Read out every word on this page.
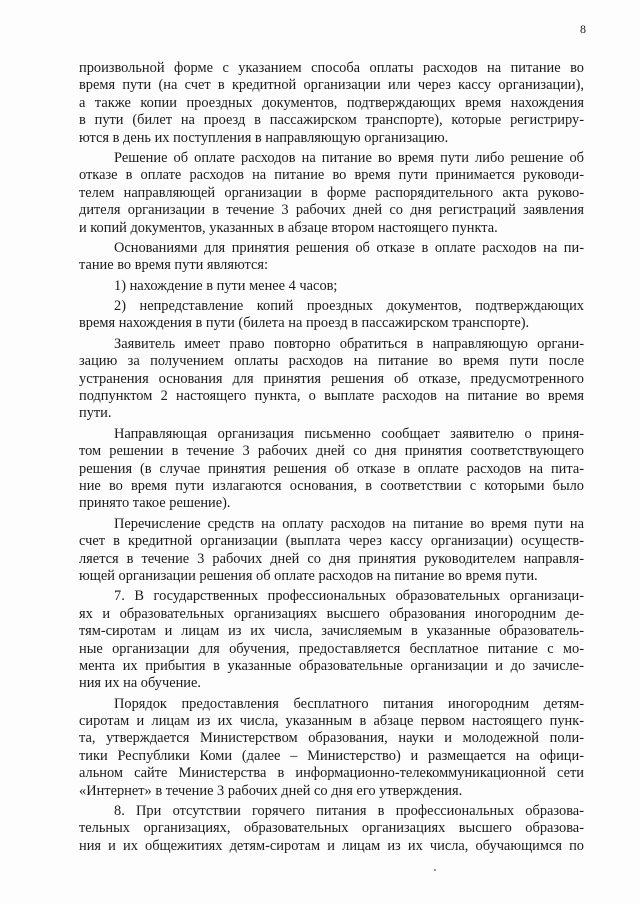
8
произвольной форме с указанием способа оплаты расходов на питание во
время пути (на счет в кредитной организации или через кассу организации),
а также копии проездных документов, подтверждающих время нахождения
в пути (билет на проезд в пассажирском транспорте), которые регистриру-
ются в день их поступления в направляющую организацию.
Решение об оплате расходов на питание во время пути либо решение об
отказе в оплате расходов на питание во время пути принимается руководи-
телем направляющей организации в форме распорядительного акта руково-
дителя организации в течение 3 рабочих дней со дня регистраций заявления
и копий документов, указанных в абзаце втором настоящего пункта.
Основаниями для принятия решения об отказе в оплате расходов на пи-
тание во время пути являются:
1) нахождение в пути менее 4 часов;
2) непредставление копий проездных документов, подтверждающих
время нахождения в пути (билета на проезд в пассажирском транспорте).
Заявитель имеет право повторно обратиться в направляющую органи-
зацию за получением оплаты расходов на питание во время пути после
устранения основания для принятия решения об отказе, предусмотренного
подпунктом 2 настоящего пункта, о выплате расходов на питание во время
пути.
Направляющая организация письменно сообщает заявителю о приня-
том решении в течение 3 рабочих дней со дня принятия соответствующего
решения (в случае принятия решения об отказе в оплате расходов на пита-
ние во время пути излагаются основания, в соответствии с которыми было
принято такое решение).
Перечисление средств на оплату расходов на питание во время пути на
счет в кредитной организации (выплата через кассу организации) осуществ-
ляется в течение 3 рабочих дней со дня принятия руководителем направля-
ющей организации решения об оплате расходов на питание во время пути.
7. В государственных профессиональных образовательных организаци-
ях и образовательных организациях высшего образования иногородним де-
тям-сиротам и лицам из их числа, зачисляемым в указанные образователь-
ные организации для обучения, предоставляется бесплатное питание с мо-
мента их прибытия в указанные образовательные организации и до зачисле-
ния их на обучение.
Порядок предоставления бесплатного питания иногородним детям-
сиротам и лицам из их числа, указанным в абзаце первом настоящего пунк-
та, утверждается Министерством образования, науки и молодежной поли-
тики Республики Коми (далее – Министерство) и размещается на офици-
альном сайте Министерства в информационно-телекоммуникационной сети
«Интернет» в течение 3 рабочих дней со дня его утверждения.
8. При отсутствии горячего питания в профессиональных образова-
тельных организациях, образовательных организациях высшего образова-
ния и их общежитиях детям-сиротам и лицам из их числа, обучающимся по
